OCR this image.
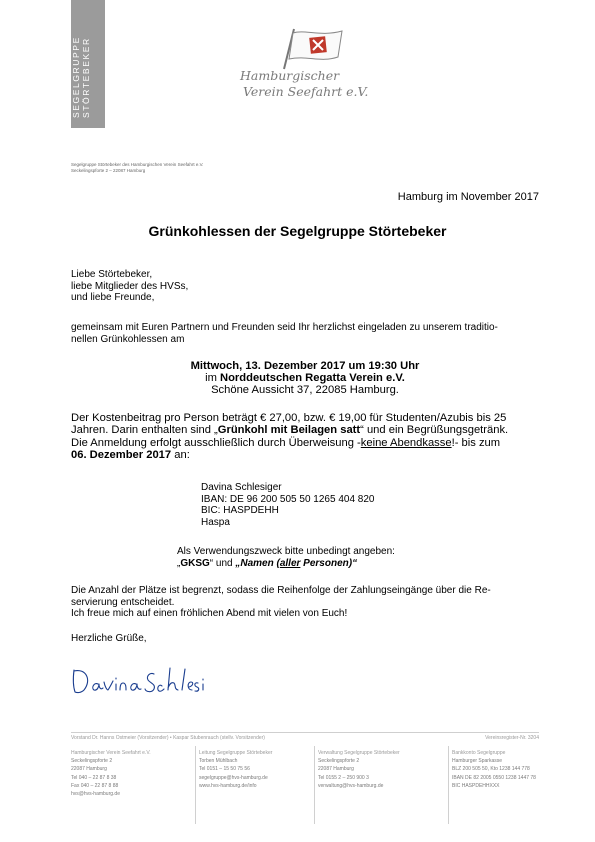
SEGELGRUPPE STÖRTEBEKER	Hamburgischer
Verein Seefahrt e.V.
Segelgruppe Störtebeker des Hamburgischen Verein Seefahrt e.V.
Seckelingspforte 2 – 22087 Hamburg
Hamburg im November 2017
Grünkohlessen der Segelgruppe Störtebeker
Liebe Störtebeker,
liebe Mitglieder des HVSs,
und liebe Freunde,
gemeinsam mit Euren Partnern und Freunden seid Ihr herzlichst eingeladen zu unserem traditio-
nellen Grünkohlessen am
Mittwoch, 13. Dezember 2017 um 19:30 Uhr
im Norddeutschen Regatta Verein e.V.
Schöne Aussicht 37, 22085 Hamburg.
Der Kostenbeitrag pro Person beträgt € 27,00, bzw. € 19,00 für Studenten/Azubis bis 25
Jahren. Darin enthalten sind „Grünkohl mit Beilagen satt“ und ein Begrüßungsgetränk.
Die Anmeldung erfolgt ausschließlich durch Überweisung -keine Abendkasse!- bis zum
06. Dezember 2017 an:
Davina Schlesiger
IBAN: DE 96 200 505 50 1265 404 820
BIC: HASPDEHH
Haspa
Als Verwendungszweck bitte unbedingt angeben:
„GKSG“ und „Namen (aller Personen)“
Die Anzahl der Plätze ist begrenzt, sodass die Reihenfolge der Zahlungseingänge über die Re-
servierung entscheidet.
Ich freue mich auf einen fröhlichen Abend mit vielen von Euch!
Herzliche Grüße,
Vorstand Dr. Hanns Ostmeier (Vorsitzender) • Kaspar Stubenrauch (stellv. Vorsitzender)	Vereinsregister-Nr. 3204
Hamburgischer Verein Seefahrt e.V.
Seckelingspforte 2
22087 Hamburg
Tel 040 – 22 87 8 38
Fax 040 – 22 87 8 88
hvs@hvs-hamburg.de
Leitung Segelgruppe Störtebeker
Torben Mühlbach
Tel 0151 – 15 50 75 56
segelgruppe@hvs-hamburg.de
www.hvs-hamburg.de/info
Verwaltung Segelgruppe Störtebeker
Seckelingspforte 2
22087 Hamburg
Tel 0155 2 – 250 900 3
verwaltung@hvs-hamburg.de
Bankkonto Segelgruppe
Hamburger Sparkasse
BLZ 200 505 50, Kto 1238 144 778
IBAN DE 82 2005 0550 1238 1447 78
BIC HASPDEHHXXX
